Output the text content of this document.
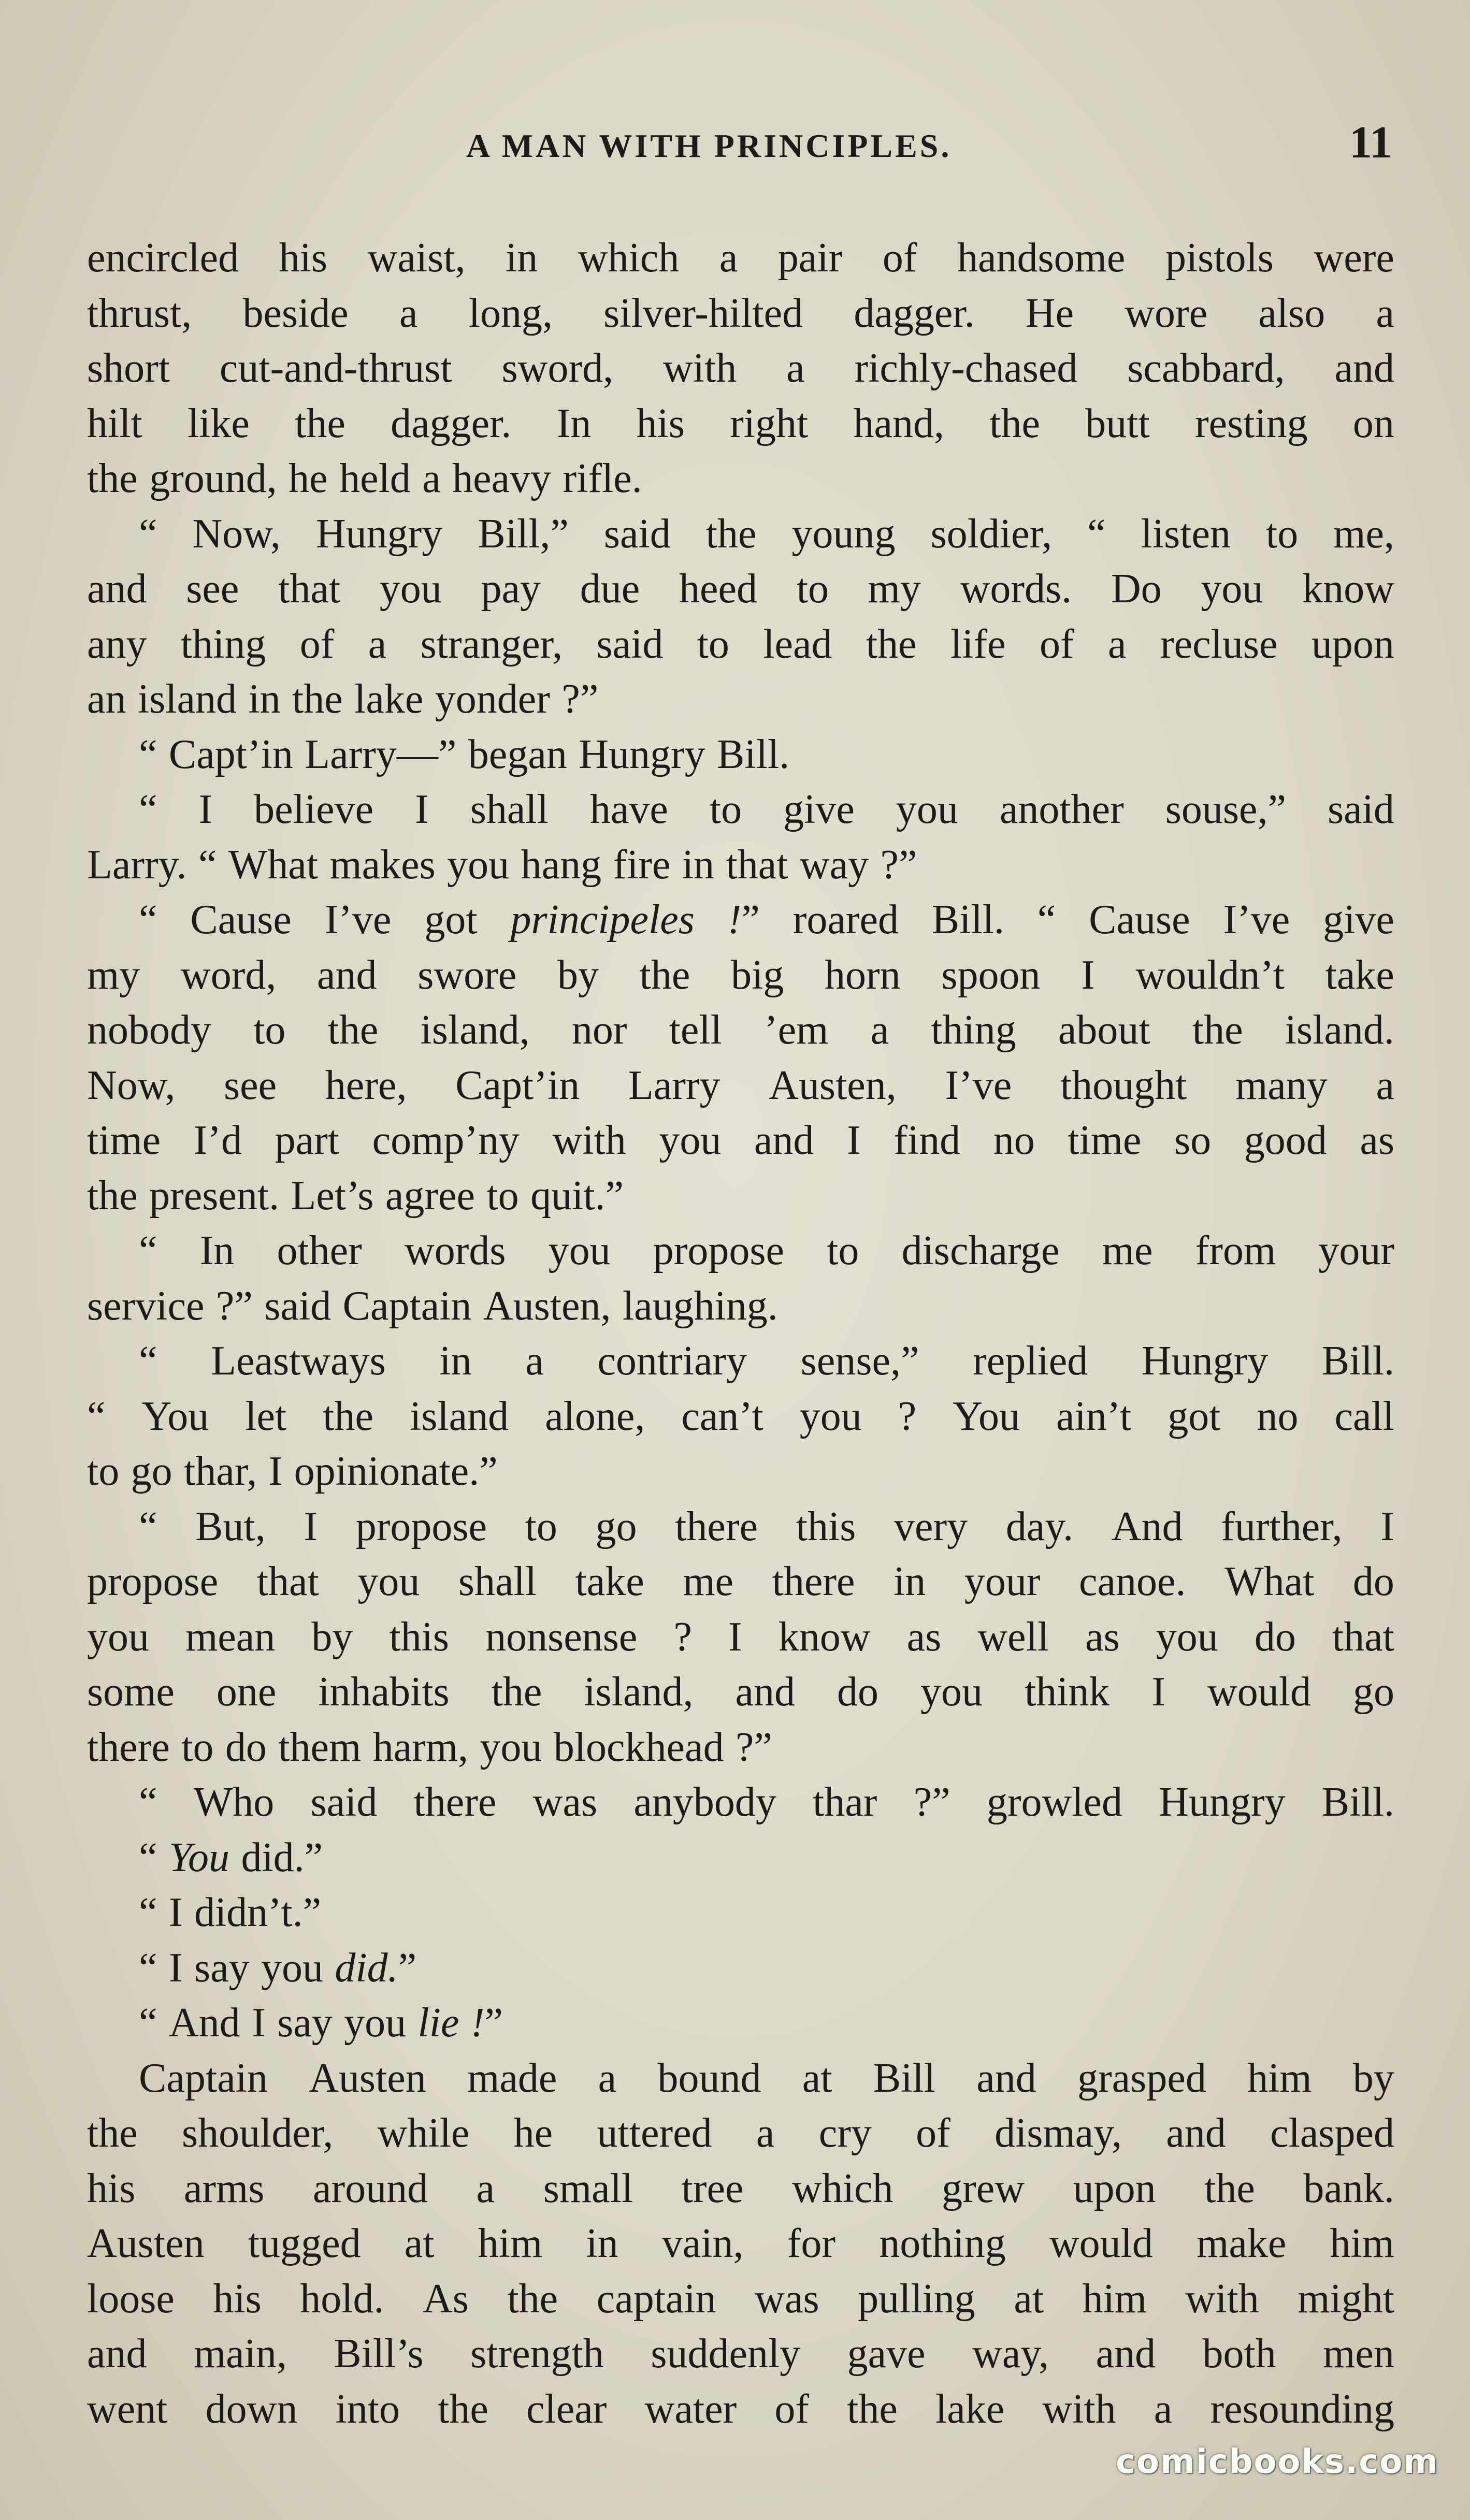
A MAN WITH PRINCIPLES.	11
encircled his waist, in which a pair of handsome pistols were
thrust, beside a long, silver-hilted dagger. He wore also a
short cut-and-thrust sword, with a richly-chased scabbard, and
hilt like the dagger. In his right hand, the butt resting on
the ground, he held a heavy rifle.
“ Now, Hungry Bill,” said the young soldier, “ listen to me,
and see that you pay due heed to my words. Do you know
any thing of a stranger, said to lead the life of a recluse upon
an island in the lake yonder ?”
“ Capt’in Larry—” began Hungry Bill.
“ I believe I shall have to give you another souse,” said
Larry. “ What makes you hang fire in that way ?”
“ Cause I’ve got principeles !” roared Bill. “ Cause I’ve give
my word, and swore by the big horn spoon I wouldn’t take
nobody to the island, nor tell ’em a thing about the island.
Now, see here, Capt’in Larry Austen, I’ve thought many a
time I’d part comp’ny with you and I find no time so good as
the present. Let’s agree to quit.”
“ In other words you propose to discharge me from your
service ?” said Captain Austen, laughing.
“ Leastways in a contriary sense,” replied Hungry Bill.
“ You let the island alone, can’t you ? You ain’t got no call
to go thar, I opinionate.”
“ But, I propose to go there this very day. And further, I
propose that you shall take me there in your canoe. What do
you mean by this nonsense ? I know as well as you do that
some one inhabits the island, and do you think I would go
there to do them harm, you blockhead ?”
“ Who said there was anybody thar ?” growled Hungry Bill.
“ You did.”
“ I didn’t.”
“ I say you did.”
“ And I say you lie !”
Captain Austen made a bound at Bill and grasped him by
the shoulder, while he uttered a cry of dismay, and clasped
his arms around a small tree which grew upon the bank.
Austen tugged at him in vain, for nothing would make him
loose his hold. As the captain was pulling at him with might
and main, Bill’s strength suddenly gave way, and both men
went down into the clear water of the lake with a resounding
comicbooks.com
